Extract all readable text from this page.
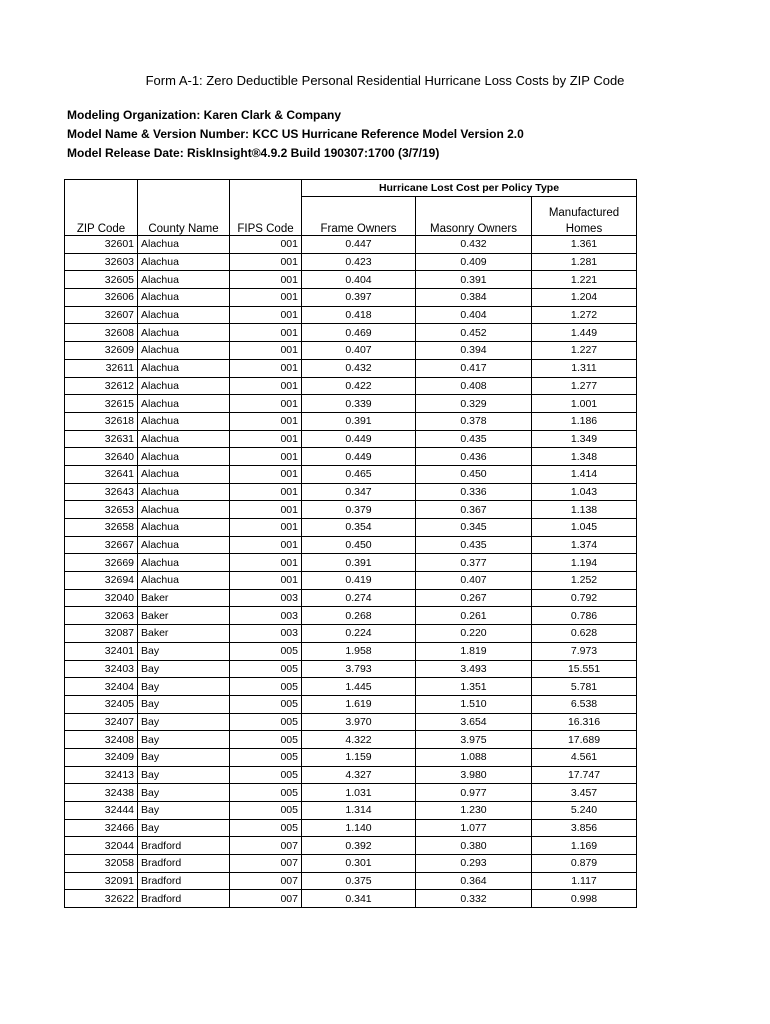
Form A-1: Zero Deductible Personal Residential Hurricane Loss Costs by ZIP Code
Modeling Organization: Karen Clark & Company
Model Name & Version Number: KCC US Hurricane Reference Model Version 2.0
Model Release Date: RiskInsight®4.9.2 Build 190307:1700 (3/7/19)
			Hurricane Lost Cost per Policy Type		
					Manufactured
ZIP Code	County Name	FIPS Code	Frame Owners	Masonry Owners	Homes
32601	Alachua	001	0.447	0.432	1.361
32603	Alachua	001	0.423	0.409	1.281
32605	Alachua	001	0.404	0.391	1.221
32606	Alachua	001	0.397	0.384	1.204
32607	Alachua	001	0.418	0.404	1.272
32608	Alachua	001	0.469	0.452	1.449
32609	Alachua	001	0.407	0.394	1.227
32611	Alachua	001	0.432	0.417	1.311
32612	Alachua	001	0.422	0.408	1.277
32615	Alachua	001	0.339	0.329	1.001
32618	Alachua	001	0.391	0.378	1.186
32631	Alachua	001	0.449	0.435	1.349
32640	Alachua	001	0.449	0.436	1.348
32641	Alachua	001	0.465	0.450	1.414
32643	Alachua	001	0.347	0.336	1.043
32653	Alachua	001	0.379	0.367	1.138
32658	Alachua	001	0.354	0.345	1.045
32667	Alachua	001	0.450	0.435	1.374
32669	Alachua	001	0.391	0.377	1.194
32694	Alachua	001	0.419	0.407	1.252
32040	Baker	003	0.274	0.267	0.792
32063	Baker	003	0.268	0.261	0.786
32087	Baker	003	0.224	0.220	0.628
32401	Bay	005	1.958	1.819	7.973
32403	Bay	005	3.793	3.493	15.551
32404	Bay	005	1.445	1.351	5.781
32405	Bay	005	1.619	1.510	6.538
32407	Bay	005	3.970	3.654	16.316
32408	Bay	005	4.322	3.975	17.689
32409	Bay	005	1.159	1.088	4.561
32413	Bay	005	4.327	3.980	17.747
32438	Bay	005	1.031	0.977	3.457
32444	Bay	005	1.314	1.230	5.240
32466	Bay	005	1.140	1.077	3.856
32044	Bradford	007	0.392	0.380	1.169
32058	Bradford	007	0.301	0.293	0.879
32091	Bradford	007	0.375	0.364	1.117
32622	Bradford	007	0.341	0.332	0.998
